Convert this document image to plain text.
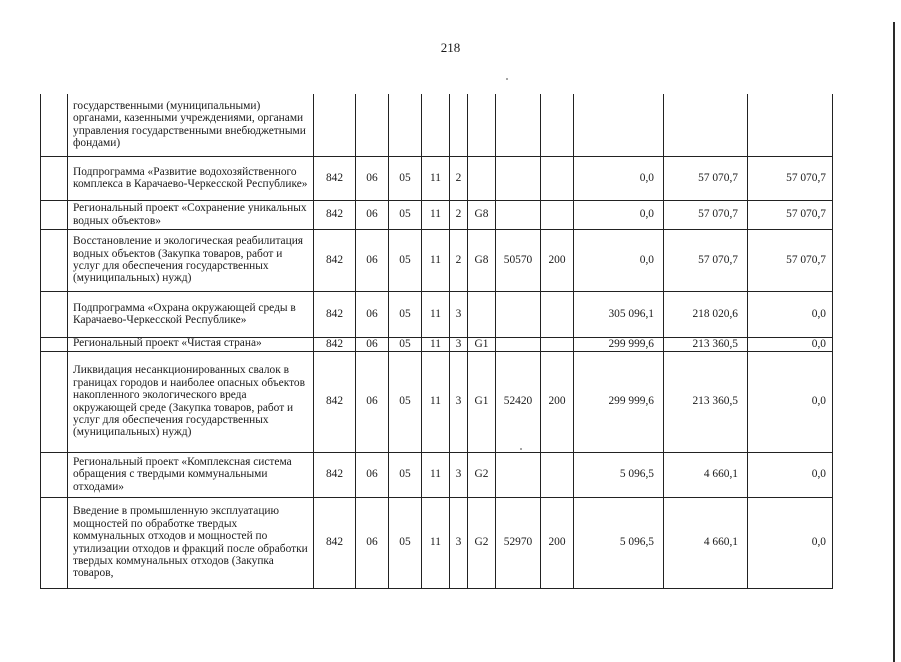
218
	государственными (муниципальными) органами, казенными учреждениями, органами управления государственными внебюджетными фондами)											
	Подпрограмма «Развитие водохозяйственного комплекса в Карачаево-Черкесской Республике»	842	06	05	11	2				0,0	57 070,7	57 070,7
	Региональный проект «Сохранение уникальных водных объектов»	842	06	05	11	2	G8			0,0	57 070,7	57 070,7
	Восстановление и экологическая реабилитация водных объектов (Закупка товаров, работ и услуг для обеспечения государственных (муниципальных) нужд)	842	06	05	11	2	G8	50570	200	0,0	57 070,7	57 070,7
	Подпрограмма «Охрана окружающей среды в Карачаево-Черкесской Республике»	842	06	05	11	3				305 096,1	218 020,6	0,0
	Региональный проект «Чистая страна»	842	06	05	11	3	G1			299 999,6	213 360,5	0,0
	Ликвидация несанкционированных свалок в границах городов и наиболее опасных объектов накопленного экологического вреда окружающей среде (Закупка товаров, работ и услуг для обеспечения государственных (муниципальных) нужд)	842	06	05	11	3	G1	52420	200	299 999,6	213 360,5	0,0
	Региональный проект «Комплексная система обращения с твердыми коммунальными отходами»	842	06	05	11	3	G2			5 096,5	4 660,1	0,0
	Введение в промышленную эксплуатацию мощностей по обработке твердых коммунальных отходов и мощностей по утилизации отходов и фракций после обработки твердых коммунальных отходов (Закупка товаров,	842	06	05	11	3	G2	52970	200	5 096,5	4 660,1	0,0
